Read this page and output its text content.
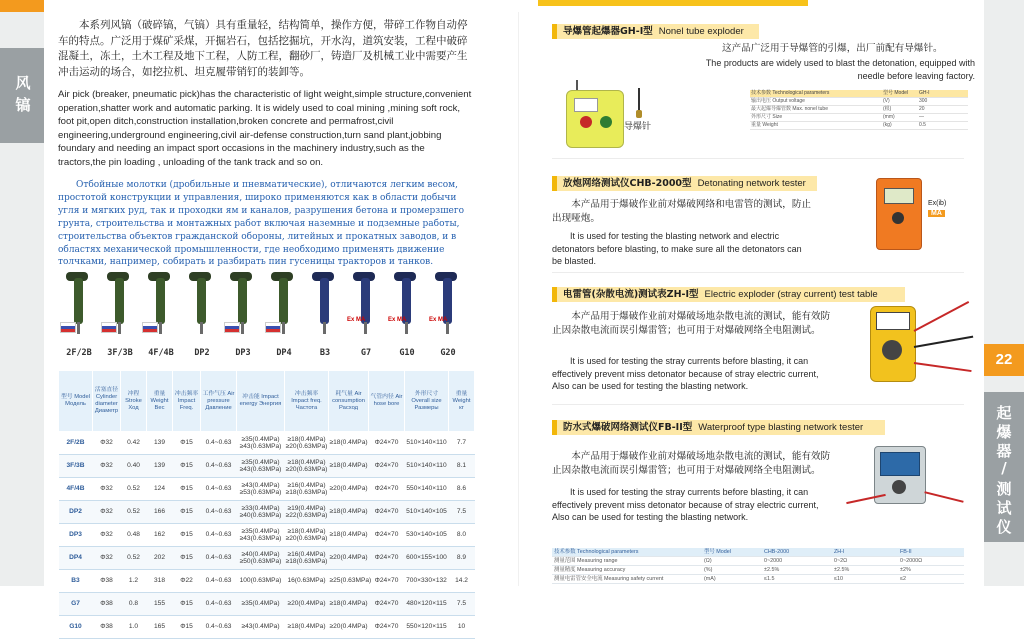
风
镐
本系列风镐（破碎镐，气镐）具有重量轻，结构简单，操作方便，带碎工作物自动停车的特点。广泛用于煤矿采煤，开掘岩石，包括挖掘坑，开水沟，道筑安装，工程中破碎混凝土，冻土，土木工程及地下工程，人防工程，翻砂厂，铸造厂及机械工业中需要产生冲击运动的场合，如挖拉机、坦克履带销钉的装卸等。
Air pick (breaker, pneumatic pick)has the characteristic of light weight,simple structure,convenient operation,shatter work and automatic parking. It is widely used to coal mining ,mining soft rock, foot pit,open ditch,construction installation,broken concrete and permafrost,civil engineering,underground engineering,civil air-defense construction,turn sand plant,jobbing foundary and needing an impact sport occasions in the machinery industry,such as the tractors,the pin loading , unloading of the tank track and so on.
Отбойные молотки (дробильные и пневматические), отличаются легким весом, простотой конструкции и управления, широко применяются как в области добычи угля и мягких руд, так и проходки ям и каналов, разрушения бетона и промерзшего грунта, строительства и монтажных работ включая наземные и подземные работы, строительства объектов гражданской обороны, литейных и прокатных заводов, и в областях механической промышленности, где необходимо применять движение толчками, например, собирать и разбирать пин гусеницы тракторов и танков.
2F/2B	3F/3B	4F/4B	DP2	DP3	DP4	B3
Ex MA
G7
Ex MA
G10
Ex MA
G20
型号 Model Модель	活塞直径 Cylinder diameter Диаметр	冲程 Stroke Ход	重量 Weight Вес	冲击频率 Impact Freq.	工作气压 Air pressure Давление	冲击能 Impact energy Энергия	冲击频率 Impact freq. Частота	耗气量 Air consumption Расход	气管内径 Air hose bore	外形尺寸 Overall size Размеры	重量 Weight кг
2F/2B	Φ32	0.42	139	Φ15	0.4~0.63	≥35(0.4MPa) ≥43(0.63MPa)	≥18(0.4MPa) ≥20(0.63MPa)	≥18(0.4MPa)	Φ24×70	510×140×110	7.7
3F/3B	Φ32	0.40	139	Φ15	0.4~0.63	≥35(0.4MPa) ≥43(0.63MPa)	≥18(0.4MPa) ≥20(0.63MPa)	≥18(0.4MPa)	Φ24×70	510×140×110	8.1
4F/4B	Φ32	0.52	124	Φ15	0.4~0.63	≥43(0.4MPa) ≥53(0.63MPa)	≥16(0.4MPa) ≥18(0.63MPa)	≥20(0.4MPa)	Φ24×70	550×140×110	8.6
DP2	Φ32	0.52	166	Φ15	0.4~0.63	≥33(0.4MPa) ≥40(0.63MPa)	≥19(0.4MPa) ≥22(0.63MPa)	≥18(0.4MPa)	Φ24×70	510×140×105	7.5
DP3	Φ32	0.48	162	Φ15	0.4~0.63	≥35(0.4MPa) ≥43(0.63MPa)	≥18(0.4MPa) ≥20(0.63MPa)	≥18(0.4MPa)	Φ24×70	530×140×105	8.0
DP4	Φ32	0.52	202	Φ15	0.4~0.63	≥40(0.4MPa) ≥50(0.63MPa)	≥16(0.4MPa) ≥18(0.63MPa)	≥20(0.4MPa)	Φ24×70	600×155×100	8.9
B3	Φ38	1.2	318	Φ22	0.4~0.63	100(0.63MPa)	16(0.63MPa)	≥25(0.63MPa)	Φ24×70	700×330×132	14.2
G7	Φ38	0.8	155	Φ15	0.4~0.63	≥35(0.4MPa)	≥20(0.4MPa)	≥18(0.4MPa)	Φ24×70	480×120×115	7.5
G10	Φ38	1.0	165	Φ15	0.4~0.63	≥43(0.4MPa)	≥18(0.4MPa)	≥20(0.4MPa)	Φ24×70	550×120×115	10
导爆管起爆器GH-I型 Nonel tube exploder
这产品广泛用于导爆管的引爆，出厂前配有导爆针。
The products are widely used to blast the detonation, equipped with needle before leaving factory.
导爆针
技术参数 Technological parameters	型号 Model	GH-I
输出电压 Output voltage	(V)	300
最大起爆导爆管数 Max. nonel tube	(根)	20
外形尺寸 Size	(mm)	—
重量 Weight	(kg)	0.5
放炮网络测试仪CHB-2000型 Detonating network tester
本产品用于爆破作业前对爆破网络和电雷管的测试，防止出现哑炮。
It is used for testing the blasting network and electric detonators before blasting, to make sure all the detonators can be blasted.
Ex(ib)
MA
电雷管(杂散电流)测试表ZH-I型 Electric exploder (stray current) test table
本产品用于爆破作业前对爆破场地杂散电流的测试，能有效防止因杂散电流而误引爆雷管；也可用于对爆破网络全电阻测试。
It is used for testing the stray currents before blasting, it can effectively prevent miss detonator because of stray electric current, Also can be used for testing the blasting network.
防水式爆破网络测试仪FB-II型 Waterproof type blasting network tester
本产品用于爆破作业前对爆破场地杂散电流的测试，能有效防止因杂散电流而误引爆雷管；也可用于对爆破网络全电阻测试。
It is used for testing the stray currents before blasting, it can effectively prevent miss detonator because of stray electric current, Also can be used for testing the blasting network.
技术参数 Technological parameters	型号 Model	CHB-2000	ZH-I	FB-II
测量范围 Measuring range	(Ω)	0~2000	0~2Ω	0~2000Ω
测量精度 Measuring accuracy	(%)	±2.5%	±2.5%	±2%
测量电雷管安全电流 Measuring safety current	(mA)	≤1.5	≤10	≤2
22
起
爆
器
/
测
试
仪
